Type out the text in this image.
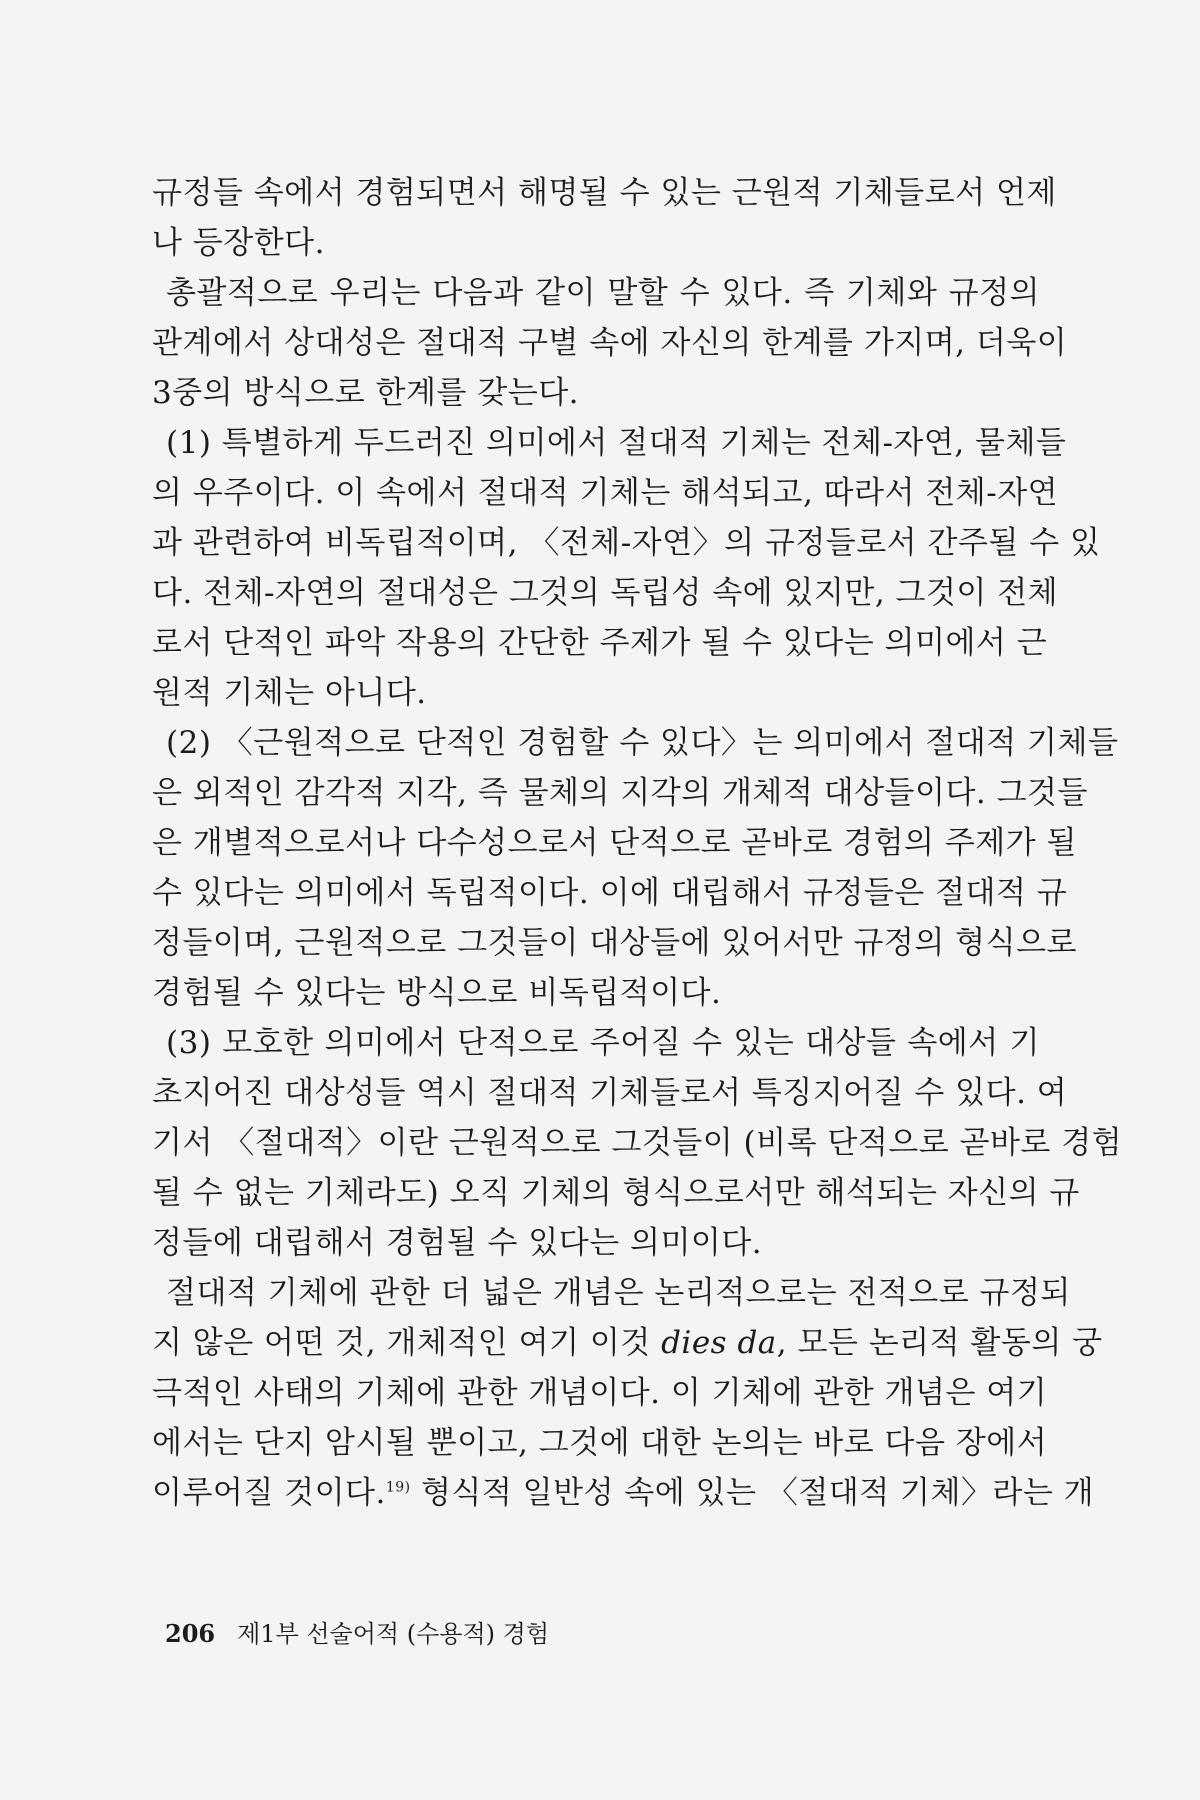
규정들 속에서 경험되면서 해명될 수 있는 근원적 기체들로서 언제
나 등장한다.
총괄적으로 우리는 다음과 같이 말할 수 있다. 즉 기체와 규정의
관계에서 상대성은 절대적 구별 속에 자신의 한계를 가지며, 더욱이
3중의 방식으로 한계를 갖는다.
(1) 특별하게 두드러진 의미에서 절대적 기체는 전체-자연, 물체들
의 우주이다. 이 속에서 절대적 기체는 해석되고, 따라서 전체-자연
과 관련하여 비독립적이며, 〈전체-자연〉의 규정들로서 간주될 수 있
다. 전체-자연의 절대성은 그것의 독립성 속에 있지만, 그것이 전체
로서 단적인 파악 작용의 간단한 주제가 될 수 있다는 의미에서 근
원적 기체는 아니다.
(2) 〈근원적으로 단적인 경험할 수 있다〉는 의미에서 절대적 기체들
은 외적인 감각적 지각, 즉 물체의 지각의 개체적 대상들이다. 그것들
은 개별적으로서나 다수성으로서 단적으로 곧바로 경험의 주제가 될
수 있다는 의미에서 독립적이다. 이에 대립해서 규정들은 절대적 규
정들이며, 근원적으로 그것들이 대상들에 있어서만 규정의 형식으로
경험될 수 있다는 방식으로 비독립적이다.
(3) 모호한 의미에서 단적으로 주어질 수 있는 대상들 속에서 기
초지어진 대상성들 역시 절대적 기체들로서 특징지어질 수 있다. 여
기서 〈절대적〉이란 근원적으로 그것들이 (비록 단적으로 곧바로 경험
될 수 없는 기체라도) 오직 기체의 형식으로서만 해석되는 자신의 규
정들에 대립해서 경험될 수 있다는 의미이다.
절대적 기체에 관한 더 넓은 개념은 논리적으로는 전적으로 규정되
지 않은 어떤 것, 개체적인 여기 이것 dies da, 모든 논리적 활동의 궁
극적인 사태의 기체에 관한 개념이다. 이 기체에 관한 개념은 여기
에서는 단지 암시될 뿐이고, 그것에 대한 논의는 바로 다음 장에서
이루어질 것이다.$^{19)}$ 형식적 일반성 속에 있는 〈절대적 기체〉라는 개
206 제1부 선술어적 (수용적) 경험
